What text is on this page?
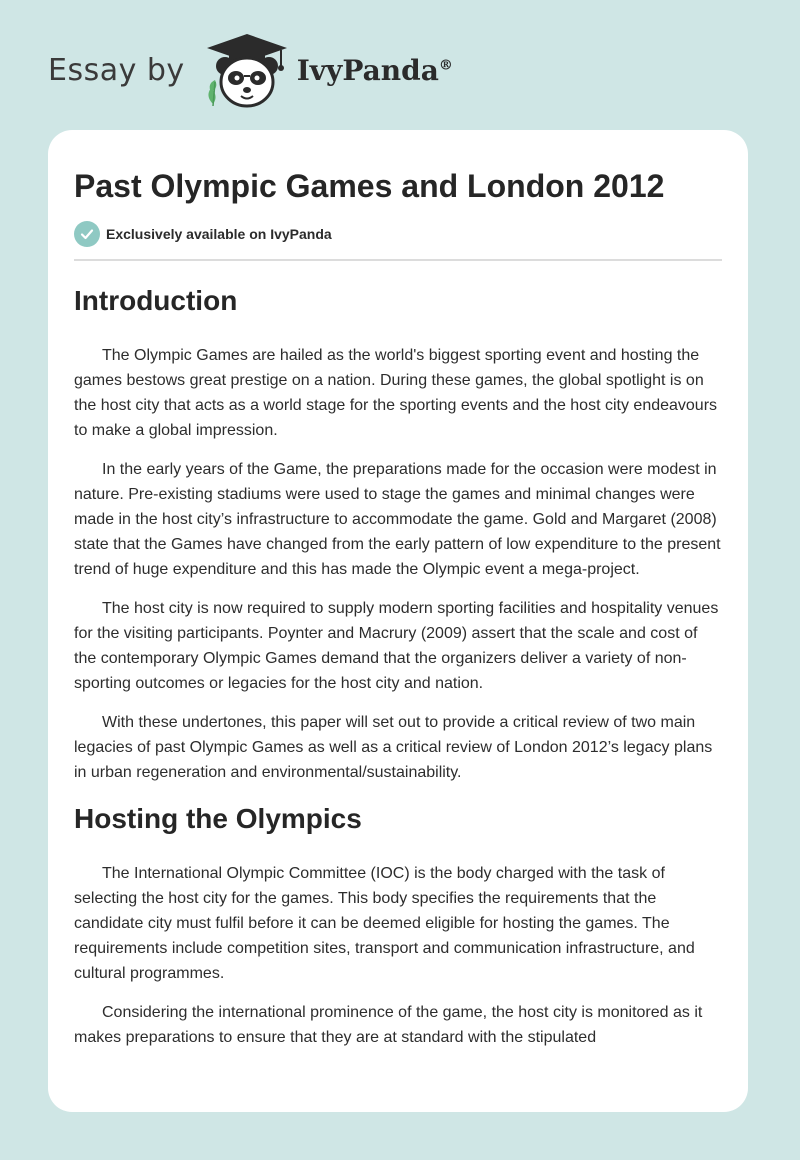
Essay by	IvyPanda®
Past Olympic Games and London 2012
Exclusively available on IvyPanda
Introduction

The Olympic Games are hailed as the world's biggest sporting event and hosting the games bestows great prestige on a nation. During these games, the global spotlight is on the host city that acts as a world stage for the sporting events and the host city endeavours to make a global impression.

In the early years of the Game, the preparations made for the occasion were modest in nature. Pre-existing stadiums were used to stage the games and minimal changes were made in the host city’s infrastructure to accommodate the game. Gold and Margaret (2008) state that the Games have changed from the early pattern of low expenditure to the present trend of huge expenditure and this has made the Olympic event a mega-project.

The host city is now required to supply modern sporting facilities and hospitality venues for the visiting participants. Poynter and Macrury (2009) assert that the scale and cost of the contemporary Olympic Games demand that the organizers deliver a variety of non-sporting outcomes or legacies for the host city and nation.

With these undertones, this paper will set out to provide a critical review of two main legacies of past Olympic Games as well as a critical review of London 2012’s legacy plans in urban regeneration and environmental/sustainability.

Hosting the Olympics

The International Olympic Committee (IOC) is the body charged with the task of selecting the host city for the games. This body specifies the requirements that the candidate city must fulfil before it can be deemed eligible for hosting the games. The requirements include competition sites, transport and communication infrastructure, and cultural programmes.

Considering the international prominence of the game, the host city is monitored as it makes preparations to ensure that they are at standard with the stipulated
